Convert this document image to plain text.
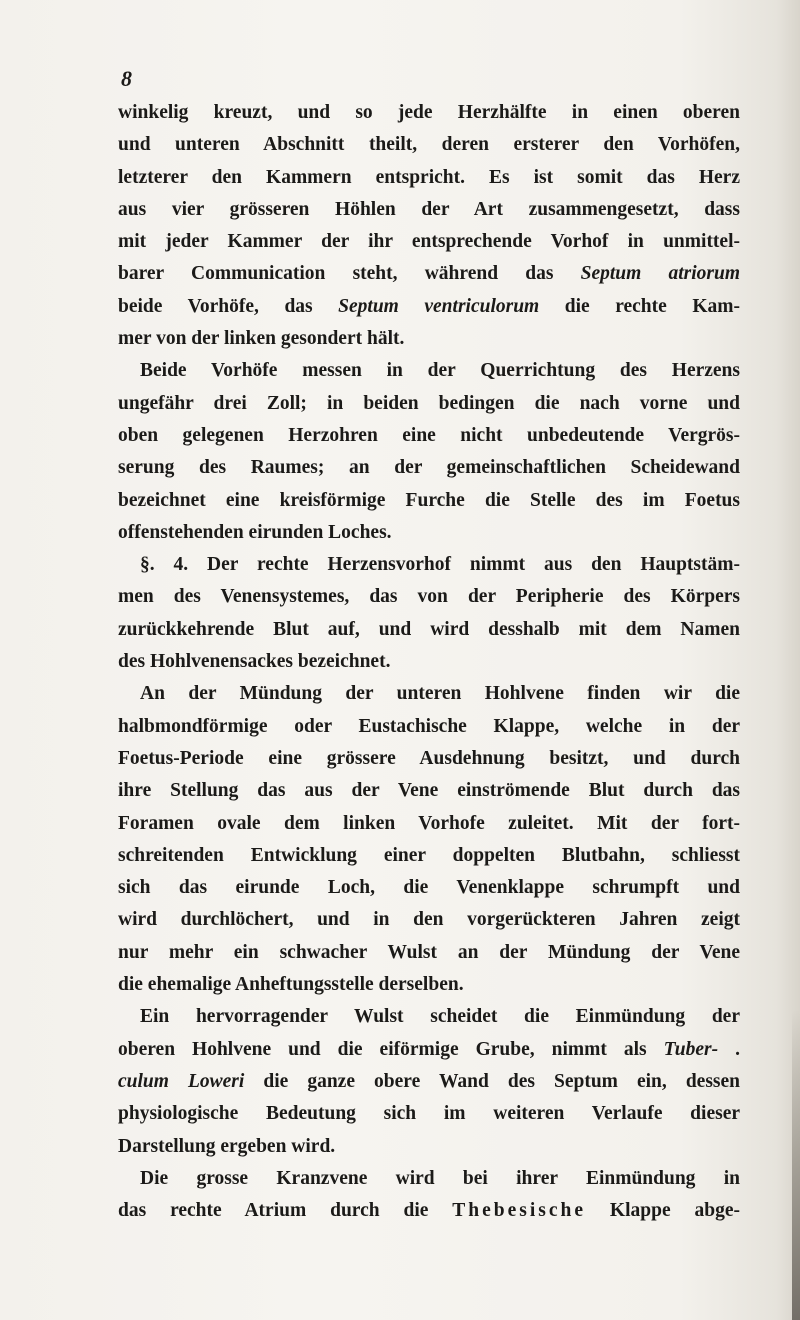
8
winkelig kreuzt, und so jede Herzhälfte in einen oberen
und unteren Abschnitt theilt, deren ersterer den Vorhöfen,
letzterer den Kammern entspricht. Es ist somit das Herz
aus vier grösseren Höhlen der Art zusammengesetzt, dass
mit jeder Kammer der ihr entsprechende Vorhof in unmittel-
barer Communication steht, während das Septum atriorum
beide Vorhöfe, das Septum ventriculorum die rechte Kam-
mer von der linken gesondert hält.
Beide Vorhöfe messen in der Querrichtung des Herzens
ungefähr drei Zoll; in beiden bedingen die nach vorne und
oben gelegenen Herzohren eine nicht unbedeutende Vergrös-
serung des Raumes; an der gemeinschaftlichen Scheidewand
bezeichnet eine kreisförmige Furche die Stelle des im Foetus
offenstehenden eirunden Loches.
§. 4. Der rechte Herzensvorhof nimmt aus den Hauptstäm-
men des Venensystemes, das von der Peripherie des Körpers
zurückkehrende Blut auf, und wird desshalb mit dem Namen
des Hohlvenensackes bezeichnet.
An der Mündung der unteren Hohlvene finden wir die
halbmondförmige oder Eustachische Klappe, welche in der
Foetus-Periode eine grössere Ausdehnung besitzt, und durch
ihre Stellung das aus der Vene einströmende Blut durch das
Foramen ovale dem linken Vorhofe zuleitet. Mit der fort-
schreitenden Entwicklung einer doppelten Blutbahn, schliesst
sich das eirunde Loch, die Venenklappe schrumpft und
wird durchlöchert, und in den vorgerückteren Jahren zeigt
nur mehr ein schwacher Wulst an der Mündung der Vene
die ehemalige Anheftungsstelle derselben.
Ein hervorragender Wulst scheidet die Einmündung der
oberen Hohlvene und die eiförmige Grube, nimmt als Tuber- .
culum Loweri die ganze obere Wand des Septum ein, dessen
physiologische Bedeutung sich im weiteren Verlaufe dieser
Darstellung ergeben wird.
Die grosse Kranzvene wird bei ihrer Einmündung in
das rechte Atrium durch die Thebesische Klappe abge-
